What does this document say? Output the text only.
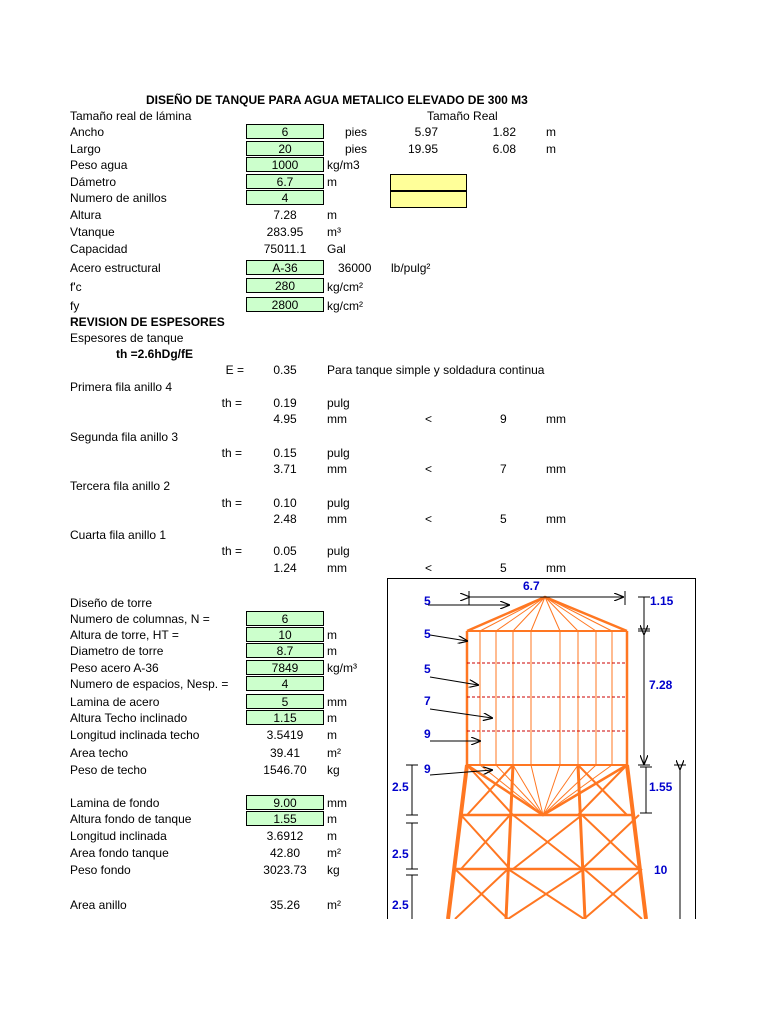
DISEÑO DE TANQUE PARA AGUA METALICO ELEVADO DE 300 M3
Tamaño real de lámina	Tamaño Real
Ancho	6	pies	5.97	1.82	m
Largo	20	pies	19.95	6.08	m
Peso agua	1000	kg/m3
Dámetro	6.7	m
Numero de anillos	4
Altura	7.28	m
Vtanque	283.95	m³
Capacidad	75011.1	Gal
Acero estructural	A-36	36000 lb/pulg²
f'c	280	kg/cm²
fy	2800	kg/cm²
REVISION DE ESPESORES
Espesores de tanque
th =2.6hDg/fE
E =	0.35	Para tanque simple y soldadura continua
Primera fila anillo 4
th =	0.19	pulg
4.95	mm	<	9	mm
Segunda fila anillo 3
th =	0.15	pulg
3.71	mm	<	7	mm
Tercera fila anillo 2
th =	0.10	pulg
2.48	mm	<	5	mm
Cuarta fila anillo 1
th =	0.05	pulg
1.24	mm	<	5	mm
Diseño de torre
Numero de columnas, N =	6
Altura de torre, HT =	10	m
Diametro de torre	8.7	m
Peso acero A-36	7849	kg/m³
Numero de espacios, Nesp. =	4
Lamina de acero	5	mm
Altura Techo inclinado	1.15	m
Longitud inclinada techo	3.5419	m
Area techo	39.41	m²
Peso de techo	1546.70	kg
Lamina de fondo	9.00	mm
Altura fondo de tanque	1.55	m
Longitud inclinada	3.6912	m
Area fondo tanque	42.80	m²
Peso fondo	3023.73	kg
Area anillo	35.26	m²
6.7
1.15
7.28
1.55
10
5
5
5
7
9
9
2.5
2.5
2.5
